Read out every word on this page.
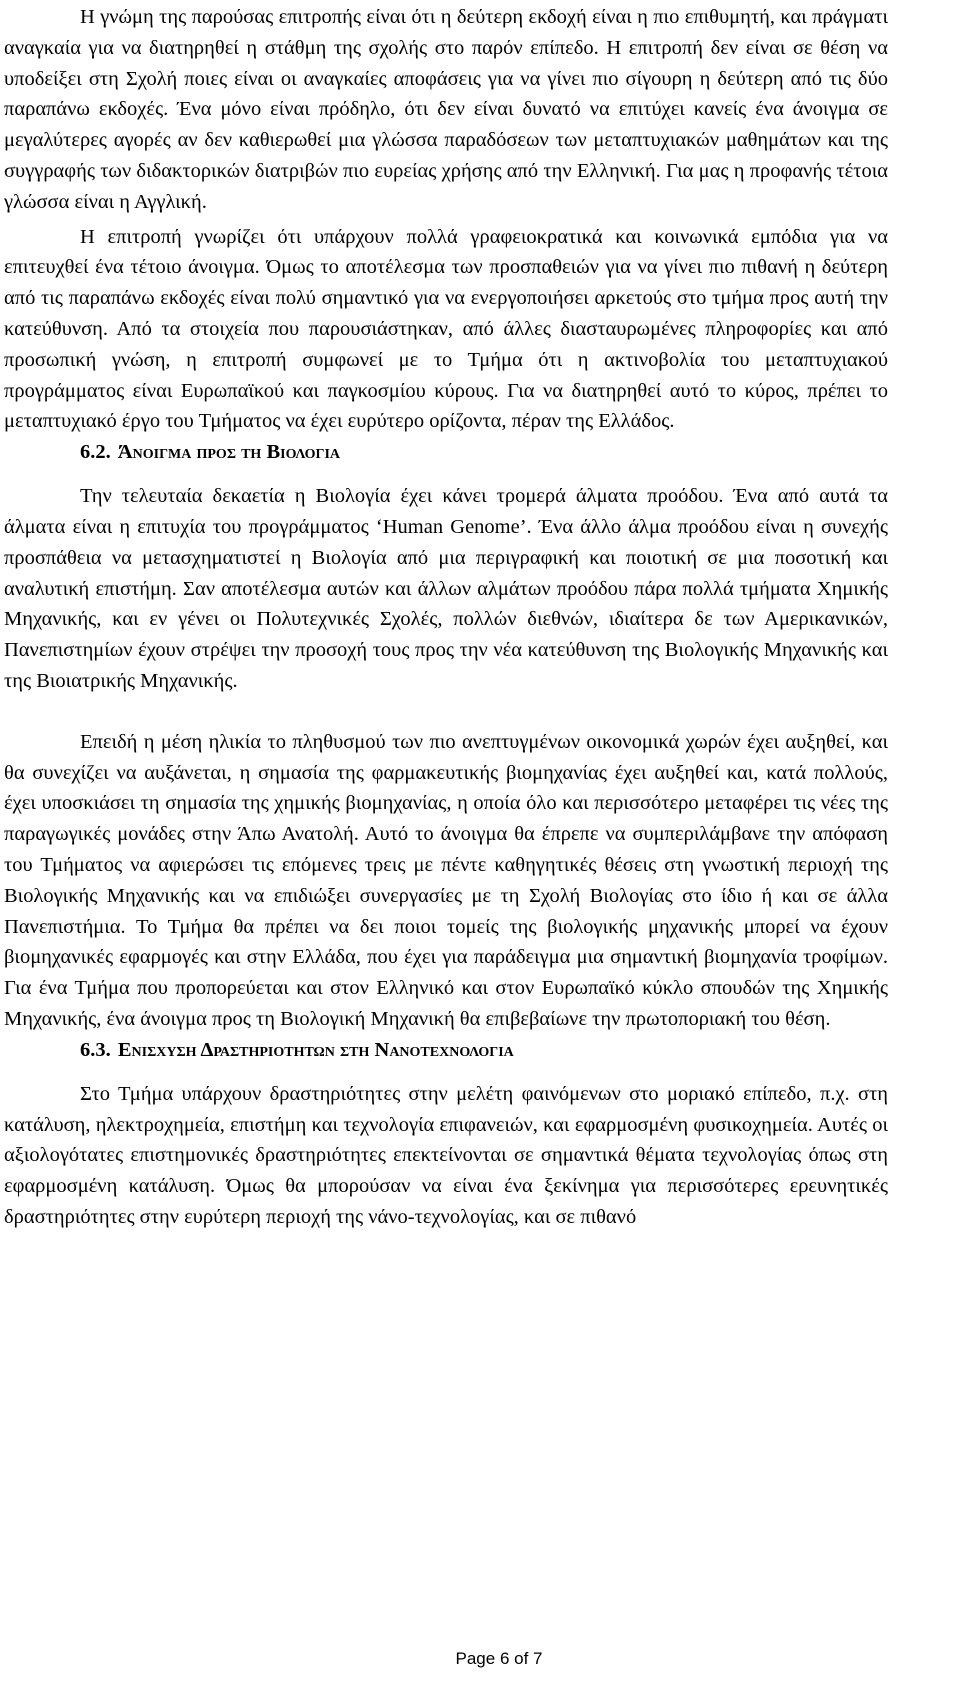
Η γνώμη της παρούσας επιτροπής είναι ότι η δεύτερη εκδοχή είναι η πιο επιθυμητή, και πράγματι αναγκαία για να διατηρηθεί η στάθμη της σχολής στο παρόν επίπεδο. Η επιτροπή δεν είναι σε θέση να υποδείξει στη Σχολή ποιες είναι οι αναγκαίες αποφάσεις για να γίνει πιο σίγουρη η δεύτερη από τις δύο παραπάνω εκδοχές. Ένα μόνο είναι πρόδηλο, ότι δεν είναι δυνατό να επιτύχει κανείς ένα άνοιγμα σε μεγαλύτερες αγορές αν δεν καθιερωθεί μια γλώσσα παραδόσεων των μεταπτυχιακών μαθημάτων και της συγγραφής των διδακτορικών διατριβών πιο ευρείας χρήσης από την Ελληνική. Για μας η προφανής τέτοια γλώσσα είναι η Αγγλική.

Η επιτροπή γνωρίζει ότι υπάρχουν πολλά γραφειοκρατικά και κοινωνικά εμπόδια για να επιτευχθεί ένα τέτοιο άνοιγμα. Όμως το αποτέλεσμα των προσπαθειών για να γίνει πιο πιθανή η δεύτερη από τις παραπάνω εκδοχές είναι πολύ σημαντικό για να ενεργοποιήσει αρκετούς στο τμήμα προς αυτή την κατεύθυνση. Από τα στοιχεία που παρουσιάστηκαν, από άλλες διασταυρωμένες πληροφορίες και από προσωπική γνώση, η επιτροπή συμφωνεί με το Τμήμα ότι η ακτινοβολία του μεταπτυχιακού προγράμματος είναι Ευρωπαϊκού και παγκοσμίου κύρους. Για να διατηρηθεί αυτό το κύρος, πρέπει το μεταπτυχιακό έργο του Τμήματος να έχει ευρύτερο ορίζοντα, πέραν της Ελλάδος.

6.2. Άνοιγμα προς τη Βιολογια

Την τελευταία δεκαετία η Βιολογία έχει κάνει τρομερά άλματα προόδου. Ένα από αυτά τα άλματα είναι η επιτυχία του προγράμματος ‘Human Genome’. Ένα άλλο άλμα προόδου είναι η συνεχής προσπάθεια να μετασχηματιστεί η Βιολογία από μια περιγραφική και ποιοτική σε μια ποσοτική και αναλυτική επιστήμη. Σαν αποτέλεσμα αυτών και άλλων αλμάτων προόδου πάρα πολλά τμήματα Χημικής Μηχανικής, και εν γένει οι Πολυτεχνικές Σχολές, πολλών διεθνών, ιδιαίτερα δε των Αμερικανικών, Πανεπιστημίων έχουν στρέψει την προσοχή τους προς την νέα κατεύθυνση της Βιολογικής Μηχανικής και της Βιοιατρικής Μηχανικής.

Επειδή η μέση ηλικία το πληθυσμού των πιο ανεπτυγμένων οικονομικά χωρών έχει αυξηθεί, και θα συνεχίζει να αυξάνεται, η σημασία της φαρμακευτικής βιομηχανίας έχει αυξηθεί και, κατά πολλούς, έχει υποσκιάσει τη σημασία της χημικής βιομηχανίας, η οποία όλο και περισσότερο μεταφέρει τις νέες της παραγωγικές μονάδες στην Άπω Ανατολή. Αυτό το άνοιγμα θα έπρεπε να συμπεριλάμβανε την απόφαση του Τμήματος να αφιερώσει τις επόμενες τρεις με πέντε καθηγητικές θέσεις στη γνωστική περιοχή της Βιολογικής Μηχανικής και να επιδιώξει συνεργασίες με τη Σχολή Βιολογίας στο ίδιο ή και σε άλλα Πανεπιστήμια. Το Τμήμα θα πρέπει να δει ποιοι τομείς της βιολογικής μηχανικής μπορεί να έχουν βιομηχανικές εφαρμογές και στην Ελλάδα, που έχει για παράδειγμα μια σημαντική βιομηχανία τροφίμων. Για ένα Τμήμα που προπορεύεται και στον Ελληνικό και στον Ευρωπαϊκό κύκλο σπουδών της Χημικής Μηχανικής, ένα άνοιγμα προς τη Βιολογική Μηχανική θα επιβεβαίωνε την πρωτοποριακή του θέση.

6.3. Ενισχυση Δραστηριοτητων στη Νανοτεχνολογια

Στο Τμήμα υπάρχουν δραστηριότητες στην μελέτη φαινόμενων στο μοριακό επίπεδο, π.χ. στη κατάλυση, ηλεκτροχημεία, επιστήμη και τεχνολογία επιφανειών, και εφαρμοσμένη φυσικοχημεία. Αυτές οι αξιολογότατες επιστημονικές δραστηριότητες επεκτείνονται σε σημαντικά θέματα τεχνολογίας όπως στη εφαρμοσμένη κατάλυση. Όμως θα μπορούσαν να είναι ένα ξεκίνημα για περισσότερες ερευνητικές δραστηριότητες στην ευρύτερη περιοχή της νάνο-τεχνολογίας, και σε πιθανό

Page 6 of 7
